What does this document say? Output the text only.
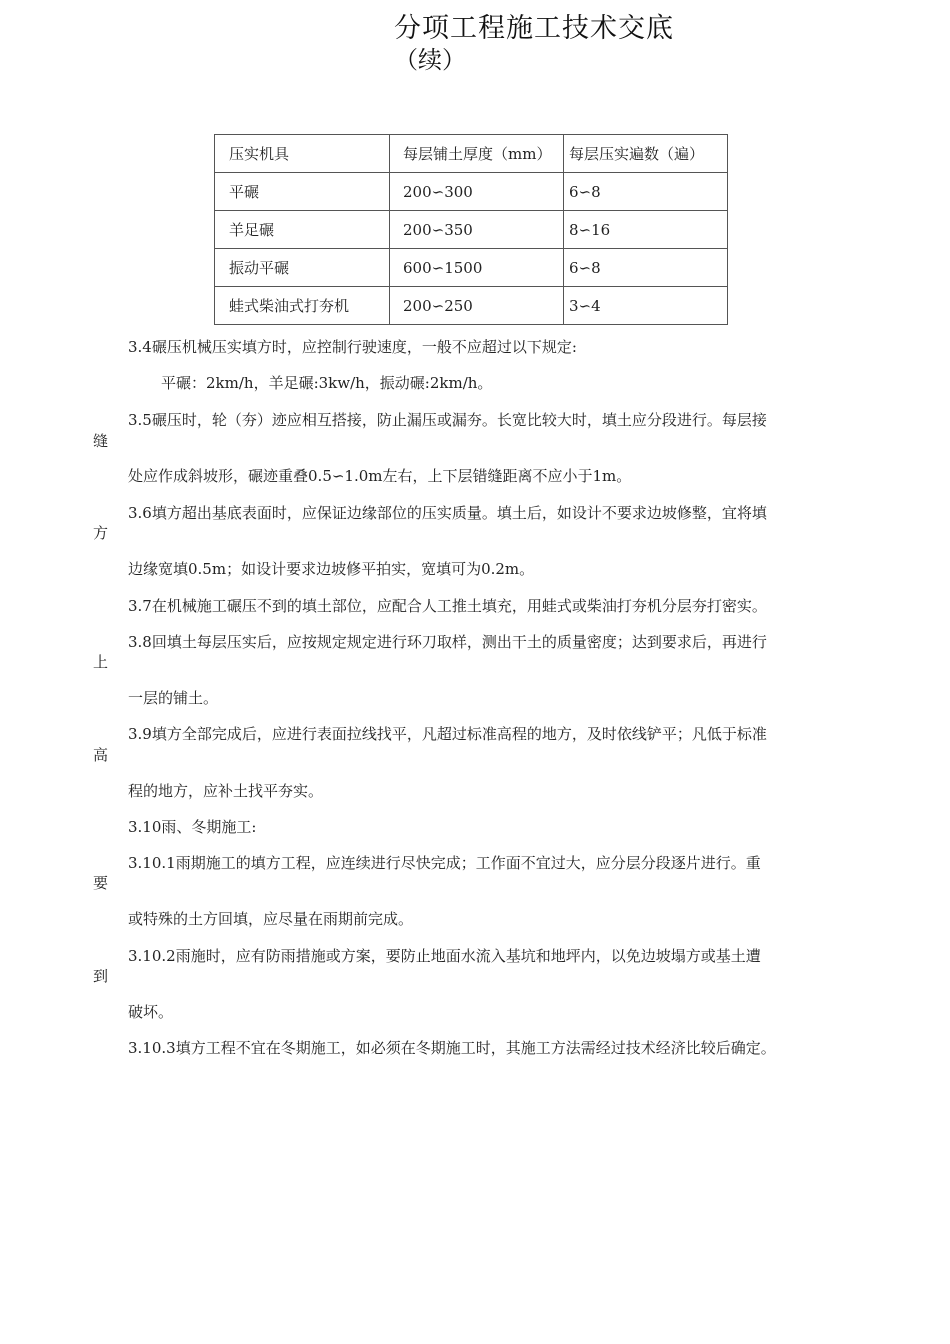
分项工程施工技术交底
（续）
压实机具	每层铺土厚度（mm）	每层压实遍数（遍）
平碾	200∽300	6∽8
羊足碾	200∽350	8∽16
振动平碾	600∽1500	6∽8
蛙式柴油式打夯机	200∽250	3∽4
3.4碾压机械压实填方时，应控制行驶速度，一般不应超过以下规定:
平碾：2km/h，羊足碾:3kw/h，振动碾:2km/h。
3.5碾压时，轮（夯）迹应相互搭接，防止漏压或漏夯。长宽比较大时，填土应分段进行。每层接
缝
处应作成斜坡形，碾迹重叠0.5∽1.0m左右，上下层错缝距离不应小于1m。
3.6填方超出基底表面时，应保证边缘部位的压实质量。填土后，如设计不要求边坡修整，宜将填
方
边缘宽填0.5m；如设计要求边坡修平拍实，宽填可为0.2m。
3.7在机械施工碾压不到的填土部位，应配合人工推土填充，用蛙式或柴油打夯机分层夯打密实。
3.8回填土每层压实后，应按规定规定进行环刀取样，测出干土的质量密度；达到要求后，再进行
上
一层的铺土。
3.9填方全部完成后，应进行表面拉线找平，凡超过标准高程的地方，及时依线铲平；凡低于标准
高
程的地方，应补土找平夯实。
3.10雨、冬期施工:
3.10.1雨期施工的填方工程，应连续进行尽快完成；工作面不宜过大，应分层分段逐片进行。重
要
或特殊的土方回填，应尽量在雨期前完成。
3.10.2雨施时，应有防雨措施或方案，要防止地面水流入基坑和地坪内，以免边坡塌方或基土遭
到
破坏。
3.10.3填方工程不宜在冬期施工，如必须在冬期施工时，其施工方法需经过技术经济比较后确定。
